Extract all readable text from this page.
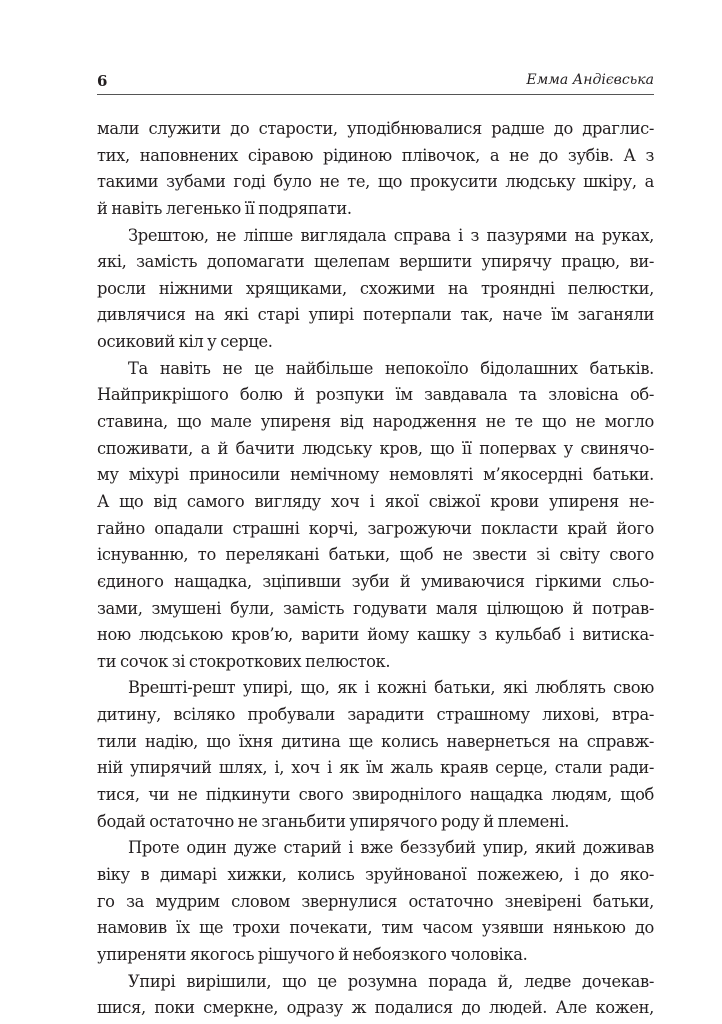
6	Емма Андієвська
мали служити до старости, уподібнювалися радше до драглис-
тих, наповнених сіравою рідиною плівочок, а не до зубів. А з
такими зубами годі було не те, що прокусити людську шкіру, а
й навіть легенько її подряпати.
Зрештою, не ліпше виглядала справа і з пазурями на руках,
які, замість допомагати щелепам вершити упирячу працю, ви-
росли ніжними хрящиками, схожими на трояндні пелюстки,
дивлячися на які старі упирі потерпали так, наче їм заганяли
осиковий кіл у серце.
Та навіть не це найбільше непокоїло бідолашних батьків.
Найприкрішого болю й розпуки їм завдавала та зловісна об-
ставина, що мале упиреня від народження не те що не могло
споживати, а й бачити людську кров, що її попервах у свинячо-
му міхурі приносили немічному немовляті м’якосердні батьки.
А що від самого вигляду хоч і якої свіжої крови упиреня не-
гайно опадали страшні корчі, загрожуючи покласти край його
існуванню, то перелякані батьки, щоб не звести зі світу свого
єдиного нащадка, зціпивши зуби й умиваючися гіркими сльо-
зами, змушені були, замість годувати маля цілющою й потрав-
ною людською кров’ю, варити йому кашку з кульбаб і витиска-
ти сочок зі стокроткових пелюсток.
Врешті-решт упирі, що, як і кожні батьки, які люблять свою
дитину, всіляко пробували зарадити страшному лихові, втра-
тили надію, що їхня дитина ще колись навернеться на справж-
ній упирячий шлях, і, хоч і як їм жаль краяв серце, стали ради-
тися, чи не підкинути свого звироднілого нащадка людям, щоб
бодай остаточно не зганьбити упирячого роду й племені.
Проте один дуже старий і вже беззубий упир, який доживав
віку в димарі хижки, колись зруйнованої пожежею, і до яко-
го за мудрим словом звернулися остаточно зневірені батьки,
намовив їх ще трохи почекати, тим часом узявши нянькою до
упиреняти якогось рішучого й небоязкого чоловіка.
Упирі вирішили, що це розумна порада й, ледве дочекав-
шися, поки смеркне, одразу ж подалися до людей. Але кожен,
